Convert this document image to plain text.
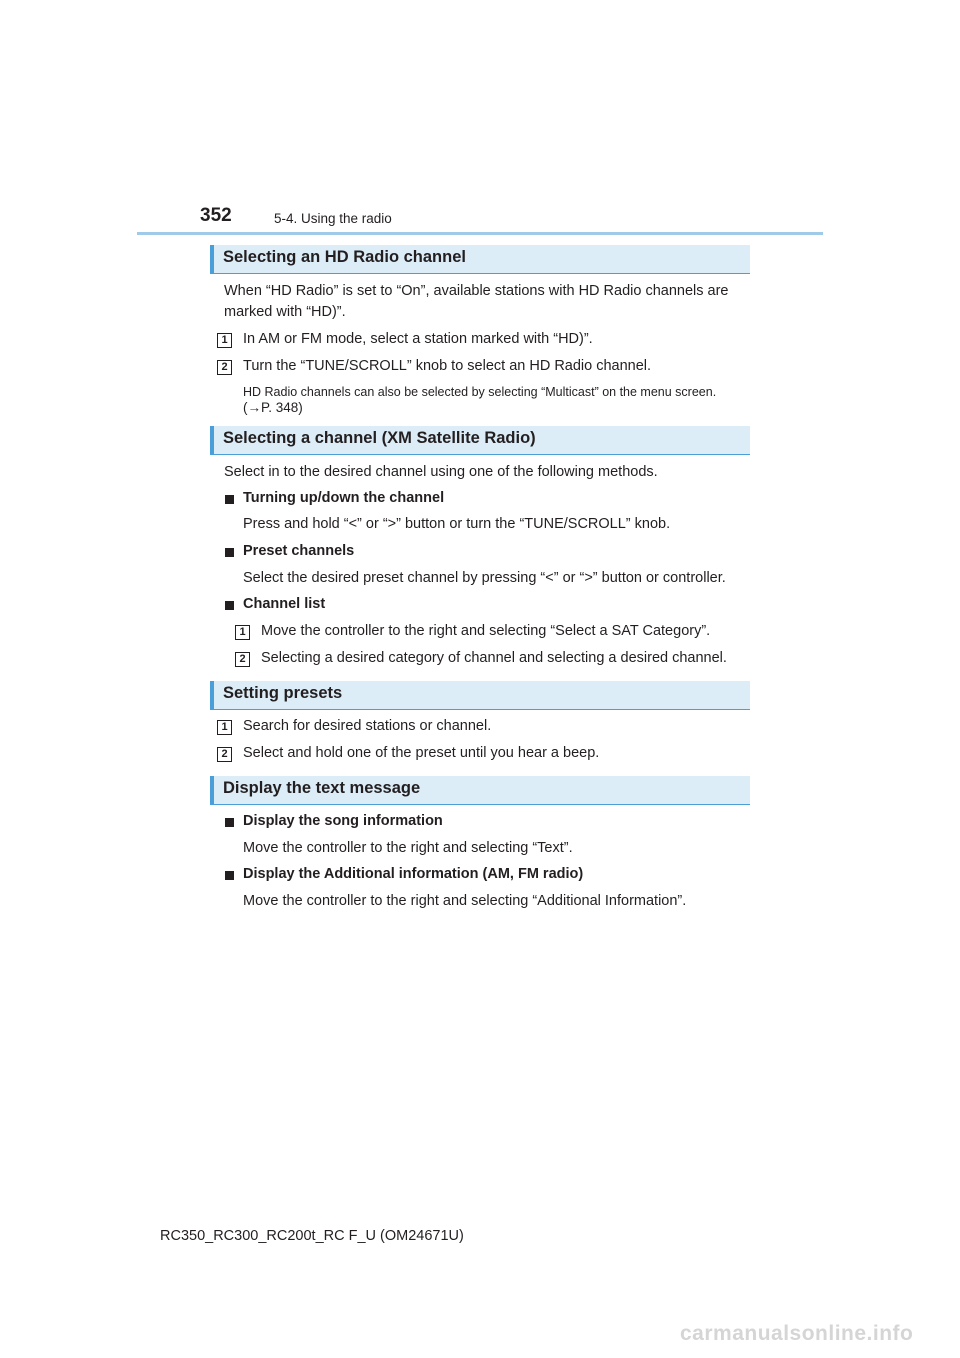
352	5-4. Using the radio
Selecting an HD Radio channel
When “HD Radio” is set to “On”, available stations with HD Radio channels are
marked with “HD)”.
1	In AM or FM mode, select a station marked with “HD)”.
2	Turn the “TUNE/SCROLL” knob to select an HD Radio channel.
HD Radio channels can also be selected by selecting “Multicast” on the menu screen.
(→P. 348)
Selecting a channel (XM Satellite Radio)
Select in to the desired channel using one of the following methods.
Turning up/down the channel
Press and hold “<” or “>” button or turn the “TUNE/SCROLL” knob.
Preset channels
Select the desired preset channel by pressing “<” or “>” button or controller.
Channel list
1	Move the controller to the right and selecting “Select a SAT Category”.
2	Selecting a desired category of channel and selecting a desired channel.
Setting presets
1	Search for desired stations or channel.
2	Select and hold one of the preset until you hear a beep.
Display the text message
Display the song information
Move the controller to the right and selecting “Text”.
Display the Additional information (AM, FM radio)
Move the controller to the right and selecting “Additional Information”.
RC350_RC300_RC200t_RC F_U (OM24671U)
carmanualsonline.info
